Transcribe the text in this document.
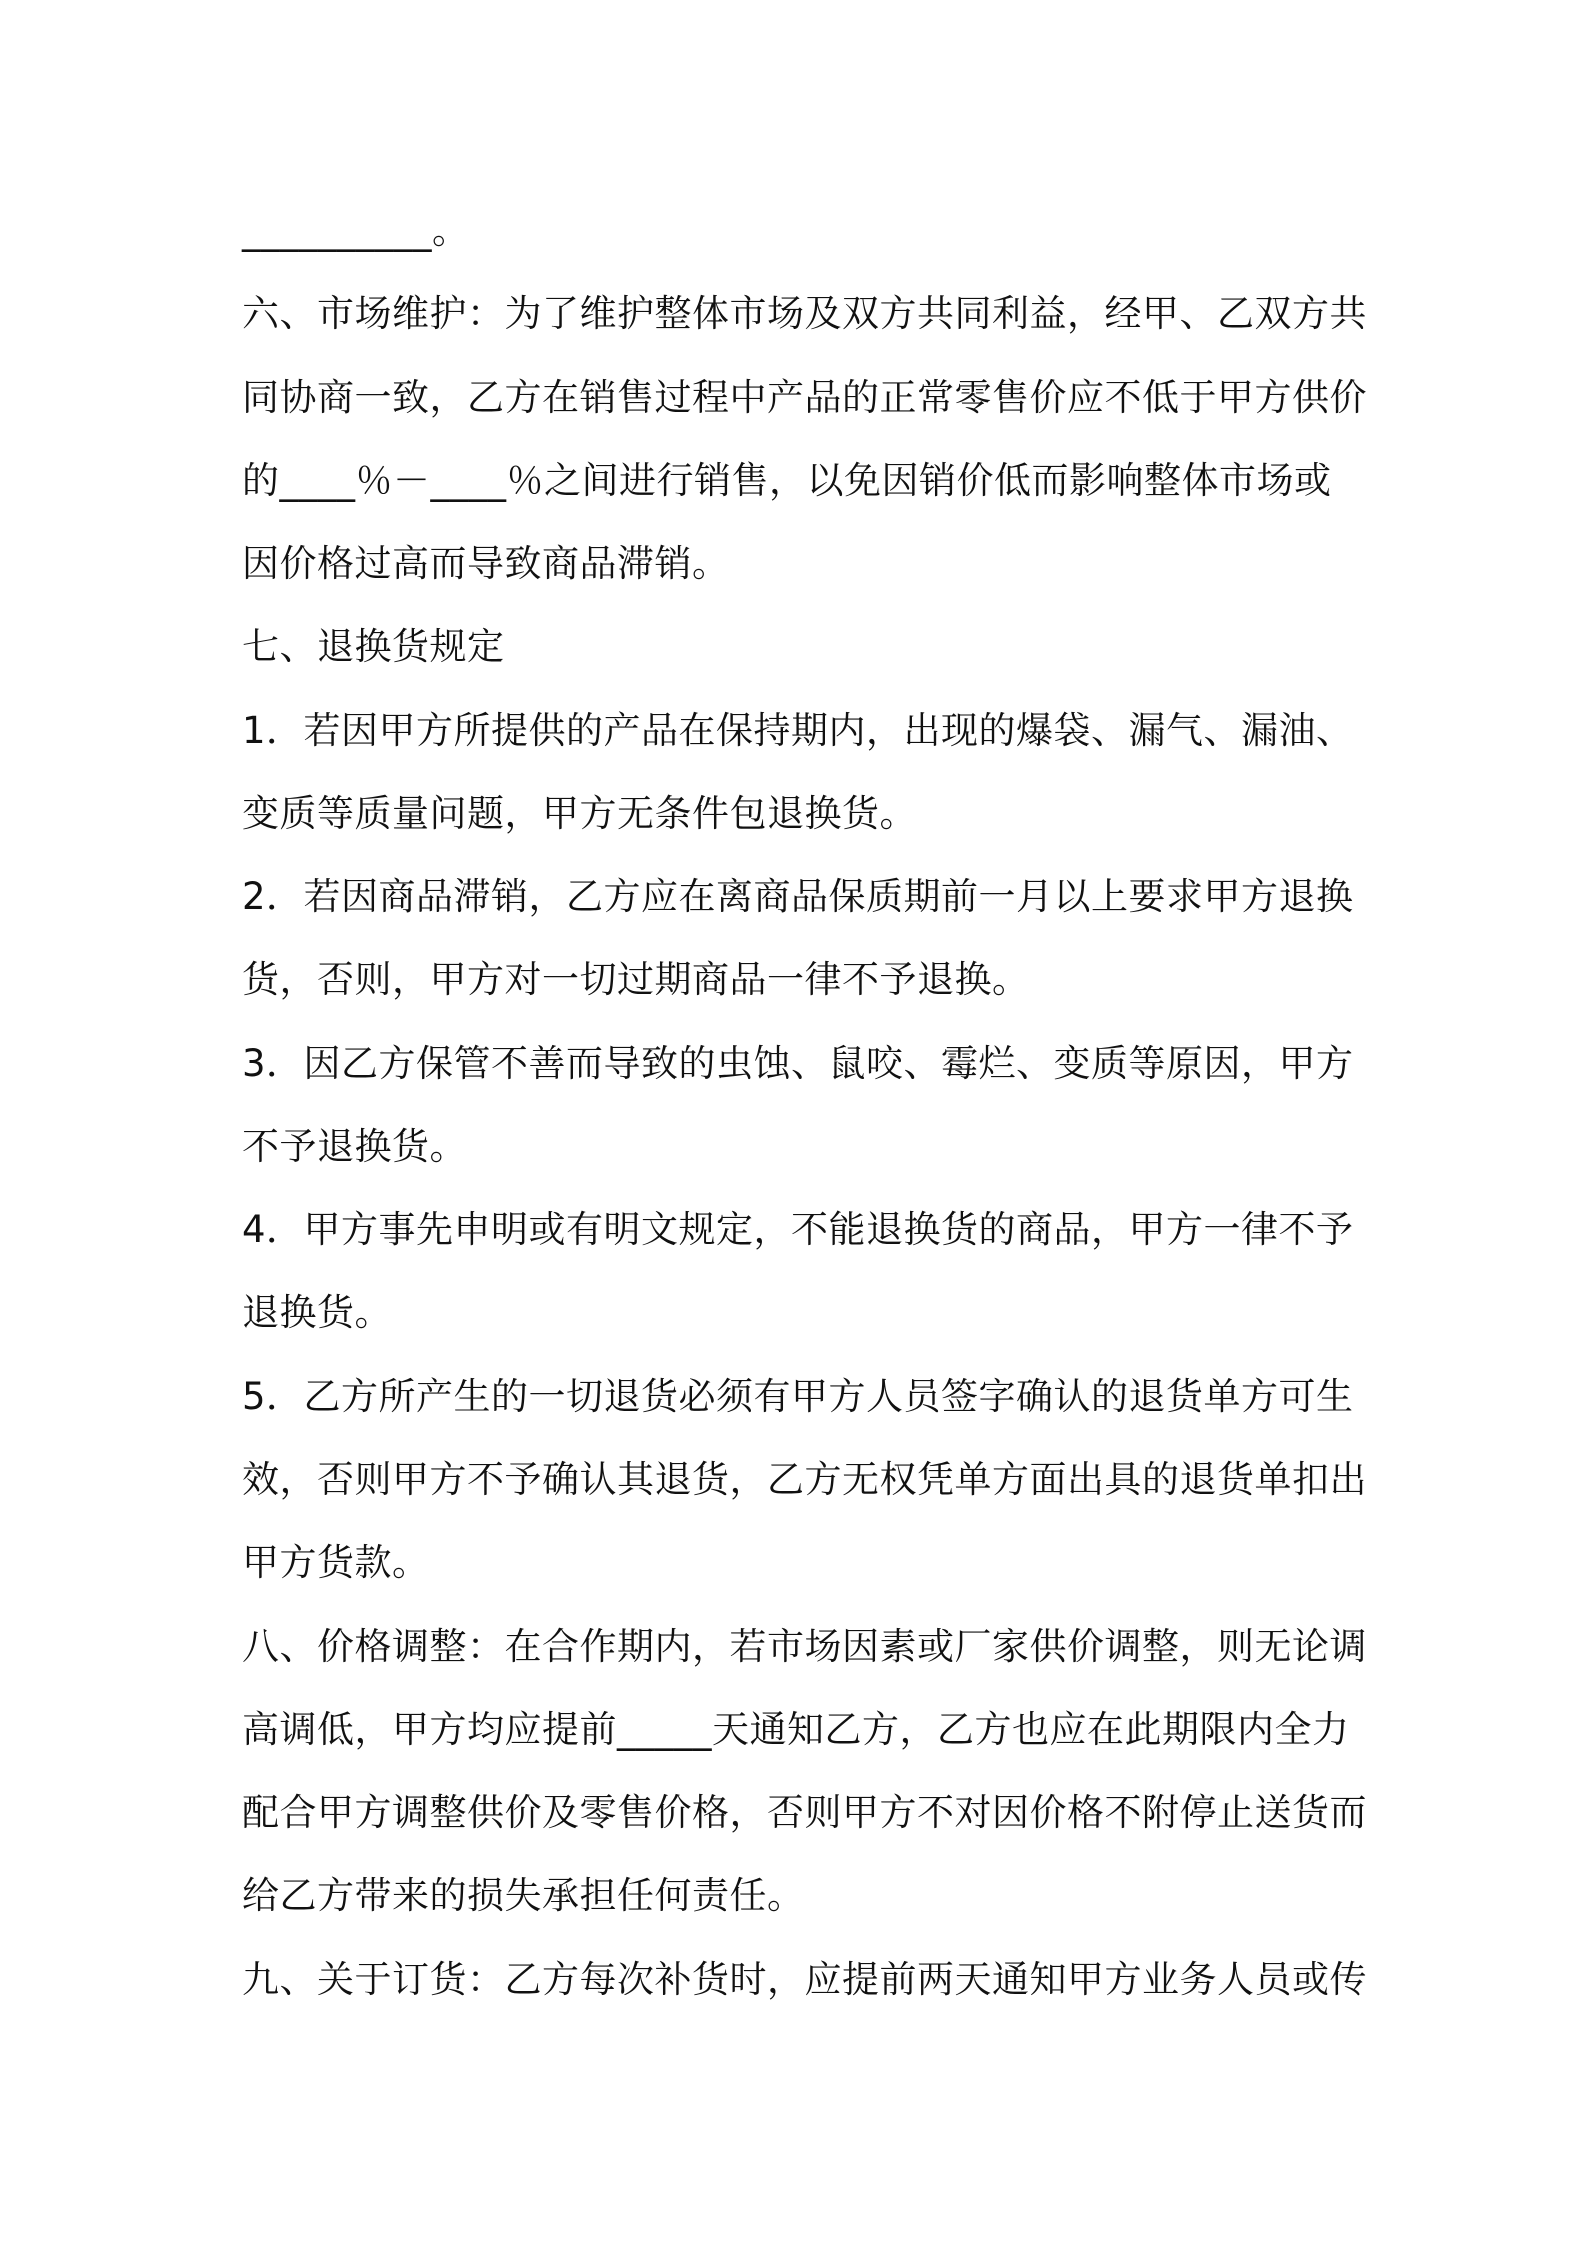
__________。
六、市场维护：为了维护整体市场及双方共同利益，经甲、乙双方共
同协商一致，乙方在销售过程中产品的正常零售价应不低于甲方供价
的____％－____％之间进行销售，以免因销价低而影响整体市场或
因价格过高而导致商品滞销。
七、退换货规定
1．若因甲方所提供的产品在保持期内，出现的爆袋、漏气、漏油、
变质等质量问题，甲方无条件包退换货。
2．若因商品滞销，乙方应在离商品保质期前一月以上要求甲方退换
货，否则，甲方对一切过期商品一律不予退换。
3．因乙方保管不善而导致的虫蚀、鼠咬、霉烂、变质等原因，甲方
不予退换货。
4．甲方事先申明或有明文规定，不能退换货的商品，甲方一律不予
退换货。
5．乙方所产生的一切退货必须有甲方人员签字确认的退货单方可生
效，否则甲方不予确认其退货，乙方无权凭单方面出具的退货单扣出
甲方货款。
八、价格调整：在合作期内，若市场因素或厂家供价调整，则无论调
高调低，甲方均应提前_____天通知乙方，乙方也应在此期限内全力
配合甲方调整供价及零售价格，否则甲方不对因价格不附停止送货而
给乙方带来的损失承担任何责任。
九、关于订货：乙方每次补货时，应提前两天通知甲方业务人员或传
